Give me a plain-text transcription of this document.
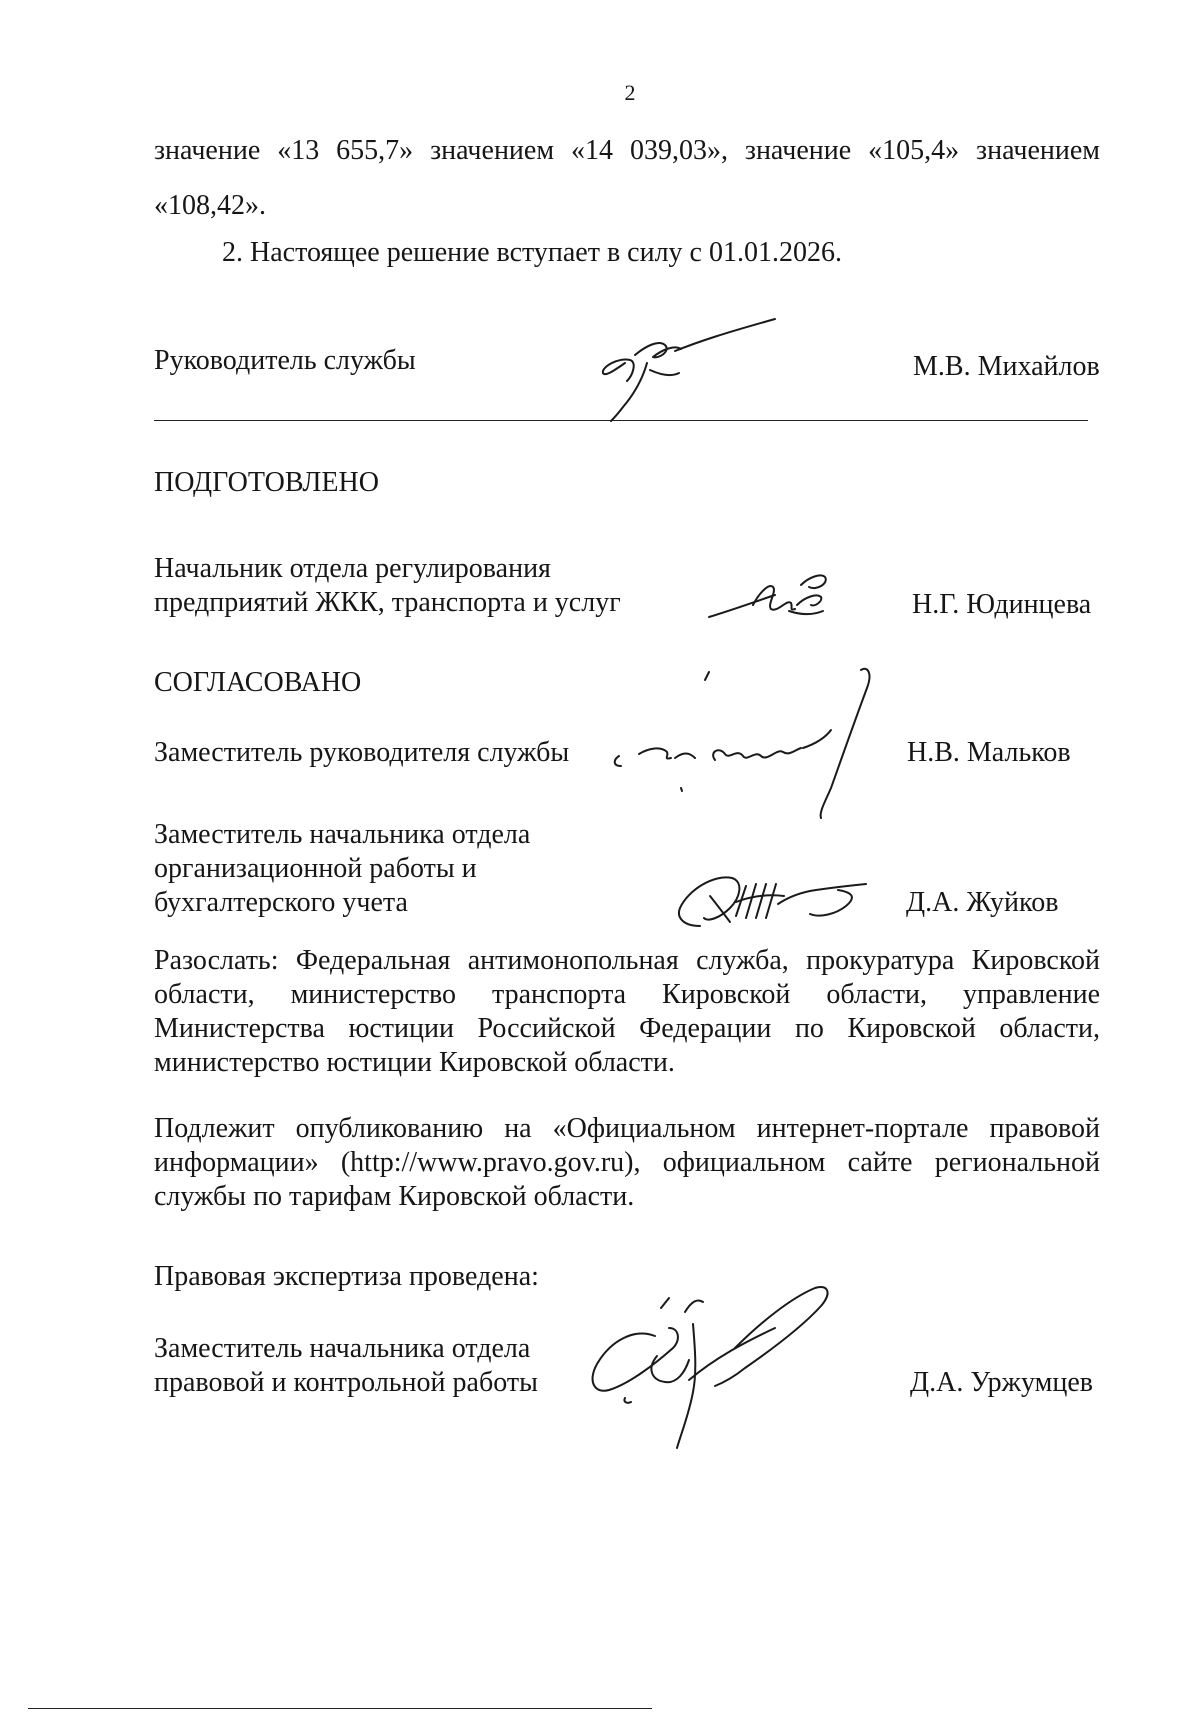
2
значение «13 655,7» значением «14 039,03», значение «105,4» значением
«108,42».
2. Настоящее решение вступает в силу с 01.01.2026.
Руководитель службы	М.В. Михайлов
ПОДГОТОВЛЕНО
Начальник отдела регулирования
предприятий ЖКК, транспорта и услуг	Н.Г. Юдинцева
СОГЛАСОВАНО
Заместитель руководителя службы	Н.В. Мальков
Заместитель начальника отдела
организационной работы и
бухгалтерского учета	Д.А. Жуйков
Разослать: Федеральная антимонопольная служба, прокуратура Кировской
области, министерство транспорта Кировской области, управление
Министерства юстиции Российской Федерации по Кировской области,
министерство юстиции Кировской области.
Подлежит опубликованию на «Официальном интернет-портале правовой
информации» (http://www.pravo.gov.ru), официальном сайте региональной
службы по тарифам Кировской области.
Правовая экспертиза проведена:
Заместитель начальника отдела
правовой и контрольной работы	Д.А. Уржумцев
